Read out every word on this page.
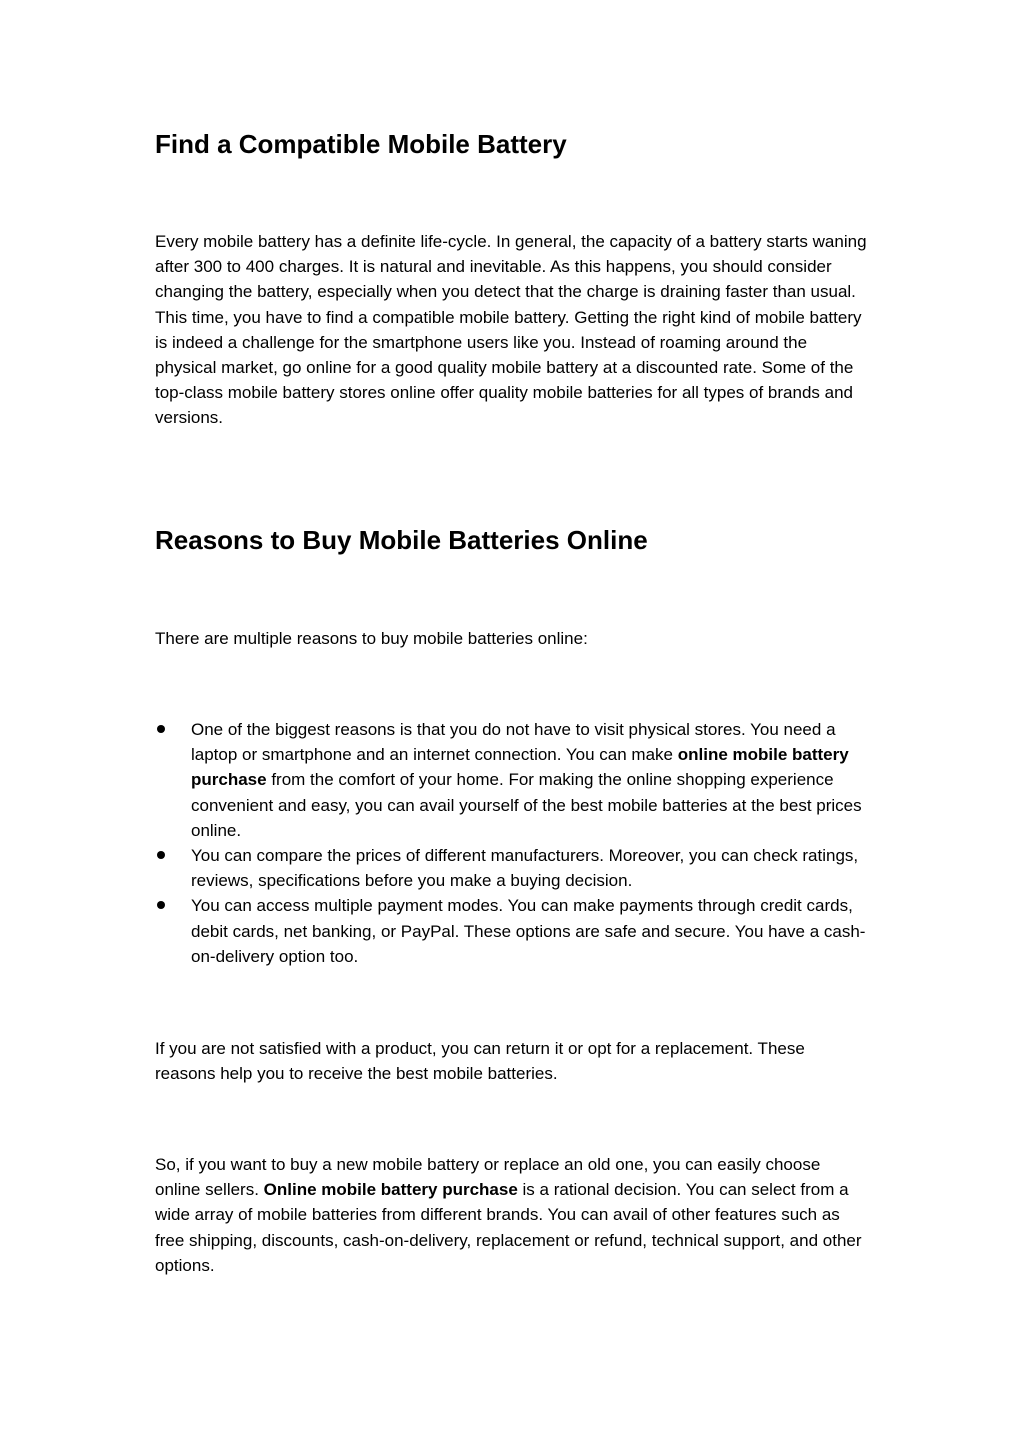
Find a Compatible Mobile Battery

Every mobile battery has a definite life-cycle. In general, the capacity of a battery starts waning after 300 to 400 charges. It is natural and inevitable. As this happens, you should consider changing the battery, especially when you detect that the charge is draining faster than usual. This time, you have to find a compatible mobile battery. Getting the right kind of mobile battery is indeed a challenge for the smartphone users like you. Instead of roaming around the physical market, go online for a good quality mobile battery at a discounted rate. Some of the top-class mobile battery stores online offer quality mobile batteries for all types of brands and versions.

Reasons to Buy Mobile Batteries Online

There are multiple reasons to buy mobile batteries online:

One of the biggest reasons is that you do not have to visit physical stores. You need a laptop or smartphone and an internet connection. You can make online mobile battery purchase from the comfort of your home. For making the online shopping experience convenient and easy, you can avail yourself of the best mobile batteries at the best prices online.
You can compare the prices of different manufacturers. Moreover, you can check ratings, reviews, specifications before you make a buying decision.
You can access multiple payment modes. You can make payments through credit cards, debit cards, net banking, or PayPal. These options are safe and secure. You have a cash-on-delivery option too.

If you are not satisfied with a product, you can return it or opt for a replacement. These reasons help you to receive the best mobile batteries.

So, if you want to buy a new mobile battery or replace an old one, you can easily choose online sellers. Online mobile battery purchase is a rational decision. You can select from a wide array of mobile batteries from different brands. You can avail of other features such as free shipping, discounts, cash-on-delivery, replacement or refund, technical support, and other options.
